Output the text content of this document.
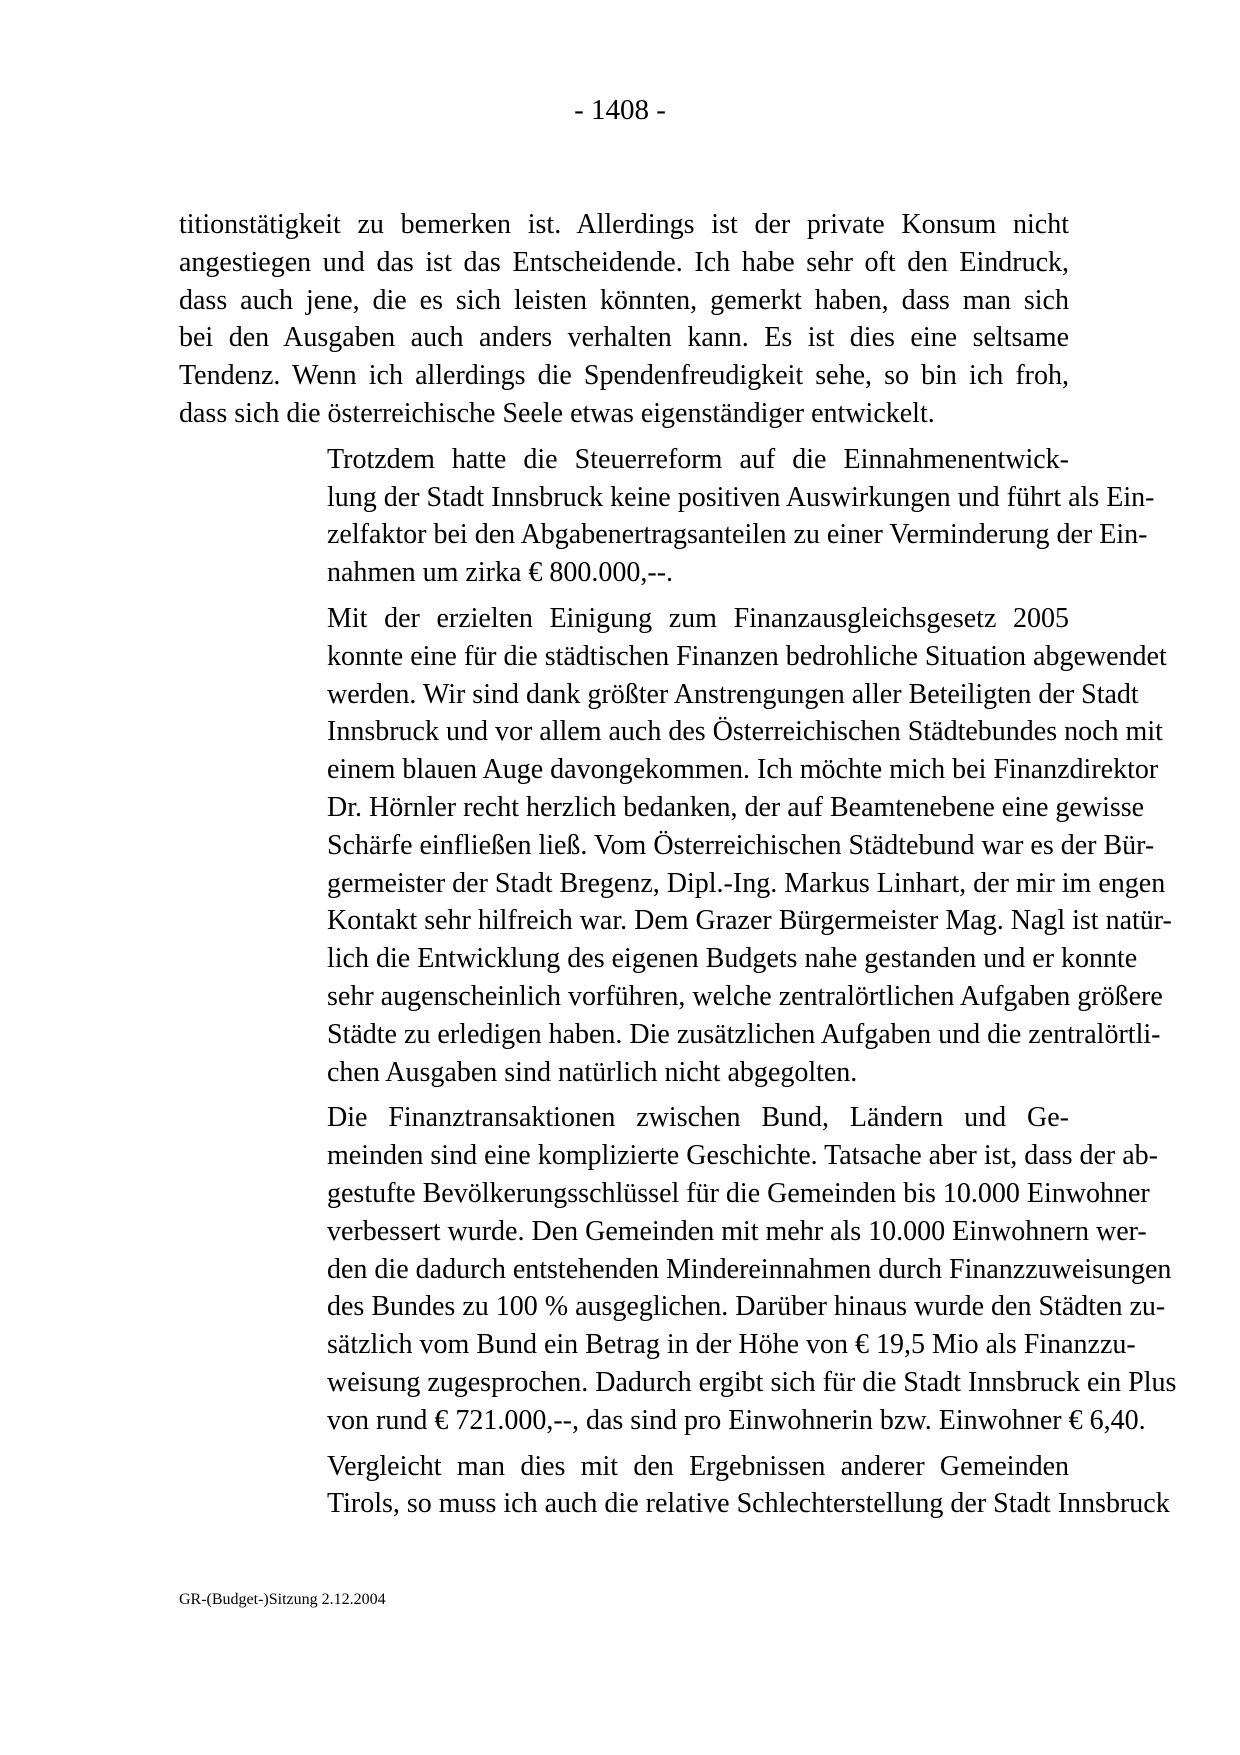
- 1408 -
titionstätigkeit zu bemerken ist. Allerdings ist der private Konsum nicht
angestiegen und das ist das Entscheidende. Ich habe sehr oft den Eindruck,
dass auch jene, die es sich leisten könnten, gemerkt haben, dass man sich
bei den Ausgaben auch anders verhalten kann. Es ist dies eine seltsame
Tendenz. Wenn ich allerdings die Spendenfreudigkeit sehe, so bin ich froh,
dass sich die österreichische Seele etwas eigenständiger entwickelt.
Trotzdem hatte die Steuerreform auf die Einnahmenentwick-
lung der Stadt Innsbruck keine positiven Auswirkungen und führt als Ein-
zelfaktor bei den Abgabenertragsanteilen zu einer Verminderung der Ein-
nahmen um zirka € 800.000,--.
Mit der erzielten Einigung zum Finanzausgleichsgesetz 2005
konnte eine für die städtischen Finanzen bedrohliche Situation abgewendet
werden. Wir sind dank größter Anstrengungen aller Beteiligten der Stadt
Innsbruck und vor allem auch des Österreichischen Städtebundes noch mit
einem blauen Auge davongekommen. Ich möchte mich bei Finanzdirektor
Dr. Hörnler recht herzlich bedanken, der auf Beamtenebene eine gewisse
Schärfe einfließen ließ. Vom Österreichischen Städtebund war es der Bür-
germeister der Stadt Bregenz, Dipl.-Ing. Markus Linhart, der mir im engen
Kontakt sehr hilfreich war. Dem Grazer Bürgermeister Mag. Nagl ist natür-
lich die Entwicklung des eigenen Budgets nahe gestanden und er konnte
sehr augenscheinlich vorführen, welche zentralörtlichen Aufgaben größere
Städte zu erledigen haben. Die zusätzlichen Aufgaben und die zentralörtli-
chen Ausgaben sind natürlich nicht abgegolten.
Die Finanztransaktionen zwischen Bund, Ländern und Ge-
meinden sind eine komplizierte Geschichte. Tatsache aber ist, dass der ab-
gestufte Bevölkerungsschlüssel für die Gemeinden bis 10.000 Einwohner
verbessert wurde. Den Gemeinden mit mehr als 10.000 Einwohnern wer-
den die dadurch entstehenden Mindereinnahmen durch Finanzzuweisungen
des Bundes zu 100 % ausgeglichen. Darüber hinaus wurde den Städten zu-
sätzlich vom Bund ein Betrag in der Höhe von € 19,5 Mio als Finanzzu-
weisung zugesprochen. Dadurch ergibt sich für die Stadt Innsbruck ein Plus
von rund € 721.000,--, das sind pro Einwohnerin bzw. Einwohner € 6,40.
Vergleicht man dies mit den Ergebnissen anderer Gemeinden
Tirols, so muss ich auch die relative Schlechterstellung der Stadt Innsbruck
GR-(Budget-)Sitzung 2.12.2004
